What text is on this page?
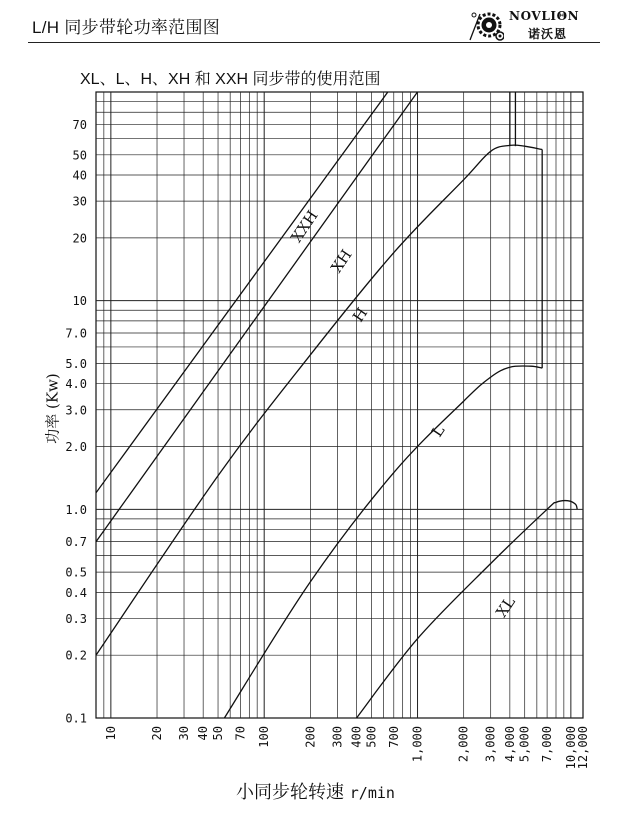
L/H 同步带轮功率范围图
NOVLIΘN
诺沃恩
XL、L、H、XH 和 XXH 同步带的使用范围
0.1
0.2
0.3
0.4
0.5
0.7
1.0
2.0
3.0
4.0
5.0
7.0
10
20
30
40
50
70
10	20 30 40 50 70 100	200 300 400 500 700 1,000	2,000 3,000 4,000 5,000 7,000 10,000
12,000
XL
L
H
XH
XXH
功率 (Kw)
小同步轮转速 r/min
